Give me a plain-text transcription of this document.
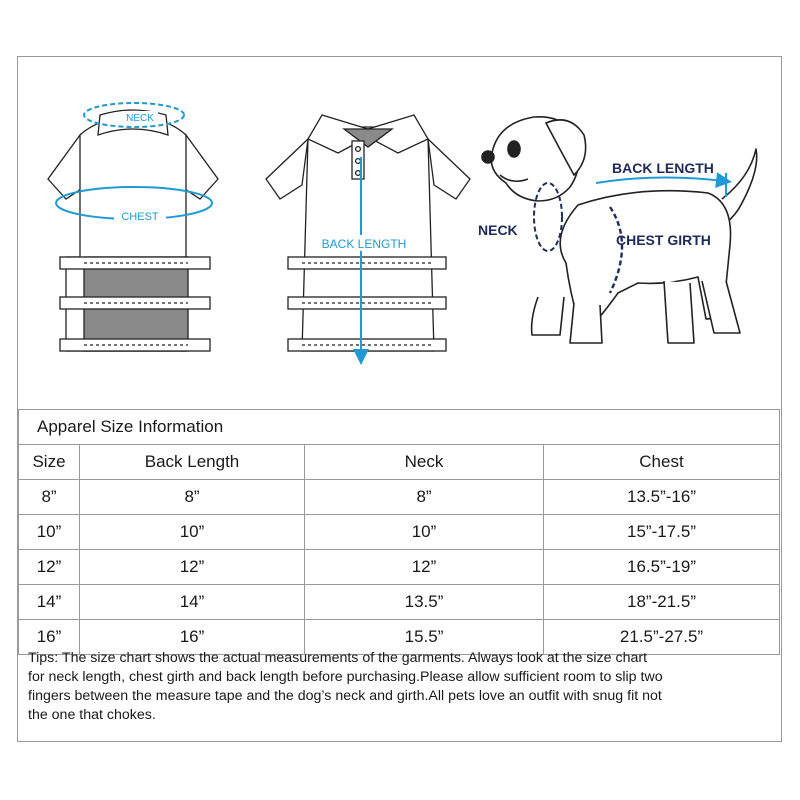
NECK
CHEST
BACK LENGTH
BACK LENGTH
NECK
CHEST GIRTH
Apparel Size Information			
Size	Back Length	Neck	Chest
8”	8”	8”	13.5”-16”
10”	10”	10”	15”-17.5”
12”	12”	12”	16.5”-19”
14”	14”	13.5”	18”-21.5”
16”	16”	15.5”	21.5”-27.5”
Tips: The size chart shows the actual measurements of the garments. Always look at the size chart
for neck length, chest girth and back length before purchasing.Please allow sufficient room to slip two
fingers between the measure tape and the dog’s neck and girth.All pets love an outfit with snug fit not
the one that chokes.
